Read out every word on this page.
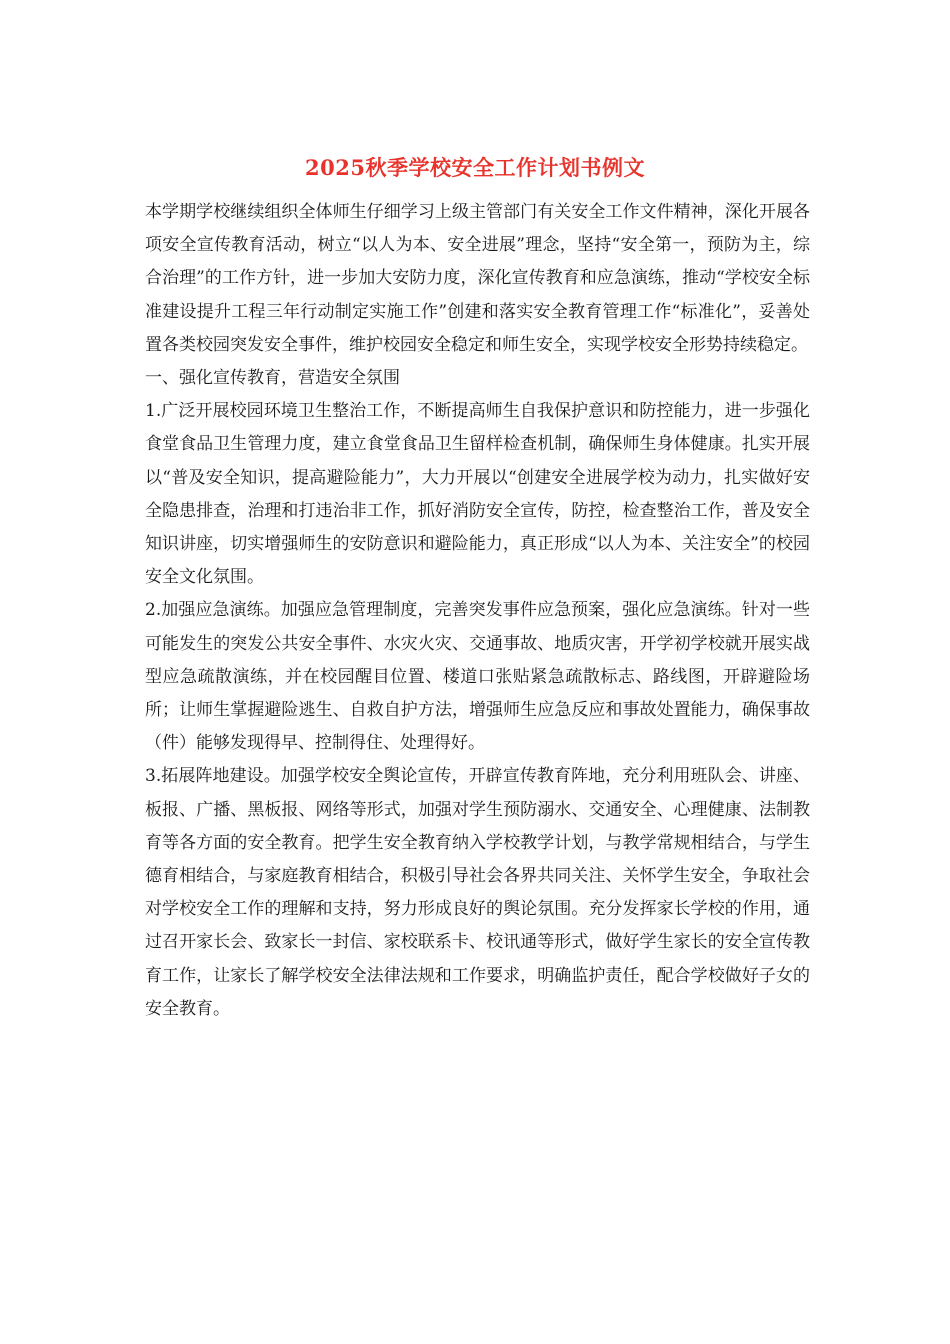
2025秋季学校安全工作计划书例文

本学期学校继续组织全体师生仔细学习上级主管部门有关安全工作文件精神，深化开展各项安全宣传教育活动，树立“以人为本、安全进展”理念，坚持“安全第一，预防为主，综合治理”的工作方针，进一步加大安防力度，深化宣传教育和应急演练，推动“学校安全标准建设提升工程三年行动制定实施工作”创建和落实安全教育管理工作“标准化”，妥善处置各类校园突发安全事件，维护校园安全稳定和师生安全，实现学校安全形势持续稳定。

一、强化宣传教育，营造安全氛围

1.广泛开展校园环境卫生整治工作，不断提高师生自我保护意识和防控能力，进一步强化食堂食品卫生管理力度，建立食堂食品卫生留样检查机制，确保师生身体健康。扎实开展以“普及安全知识，提高避险能力”，大力开展以“创建安全进展学校为动力，扎实做好安全隐患排查，治理和打违治非工作，抓好消防安全宣传，防控，检查整治工作，普及安全知识讲座，切实增强师生的安防意识和避险能力，真正形成“以人为本、关注安全”的校园安全文化氛围。

2.加强应急演练。加强应急管理制度，完善突发事件应急预案，强化应急演练。针对一些可能发生的突发公共安全事件、水灾火灾、交通事故、地质灾害，开学初学校就开展实战型应急疏散演练，并在校园醒目位置、楼道口张贴紧急疏散标志、路线图，开辟避险场所；让师生掌握避险逃生、自救自护方法，增强师生应急反应和事故处置能力，确保事故（件）能够发现得早、控制得住、处理得好。

3.拓展阵地建设。加强学校安全舆论宣传，开辟宣传教育阵地，充分利用班队会、讲座、板报、广播、黑板报、网络等形式，加强对学生预防溺水、交通安全、心理健康、法制教育等各方面的安全教育。把学生安全教育纳入学校教学计划，与教学常规相结合，与学生德育相结合，与家庭教育相结合，积极引导社会各界共同关注、关怀学生安全，争取社会对学校安全工作的理解和支持，努力形成良好的舆论氛围。充分发挥家长学校的作用，通过召开家长会、致家长一封信、家校联系卡、校讯通等形式，做好学生家长的安全宣传教育工作，让家长了解学校安全法律法规和工作要求，明确监护责任，配合学校做好子女的安全教育。
